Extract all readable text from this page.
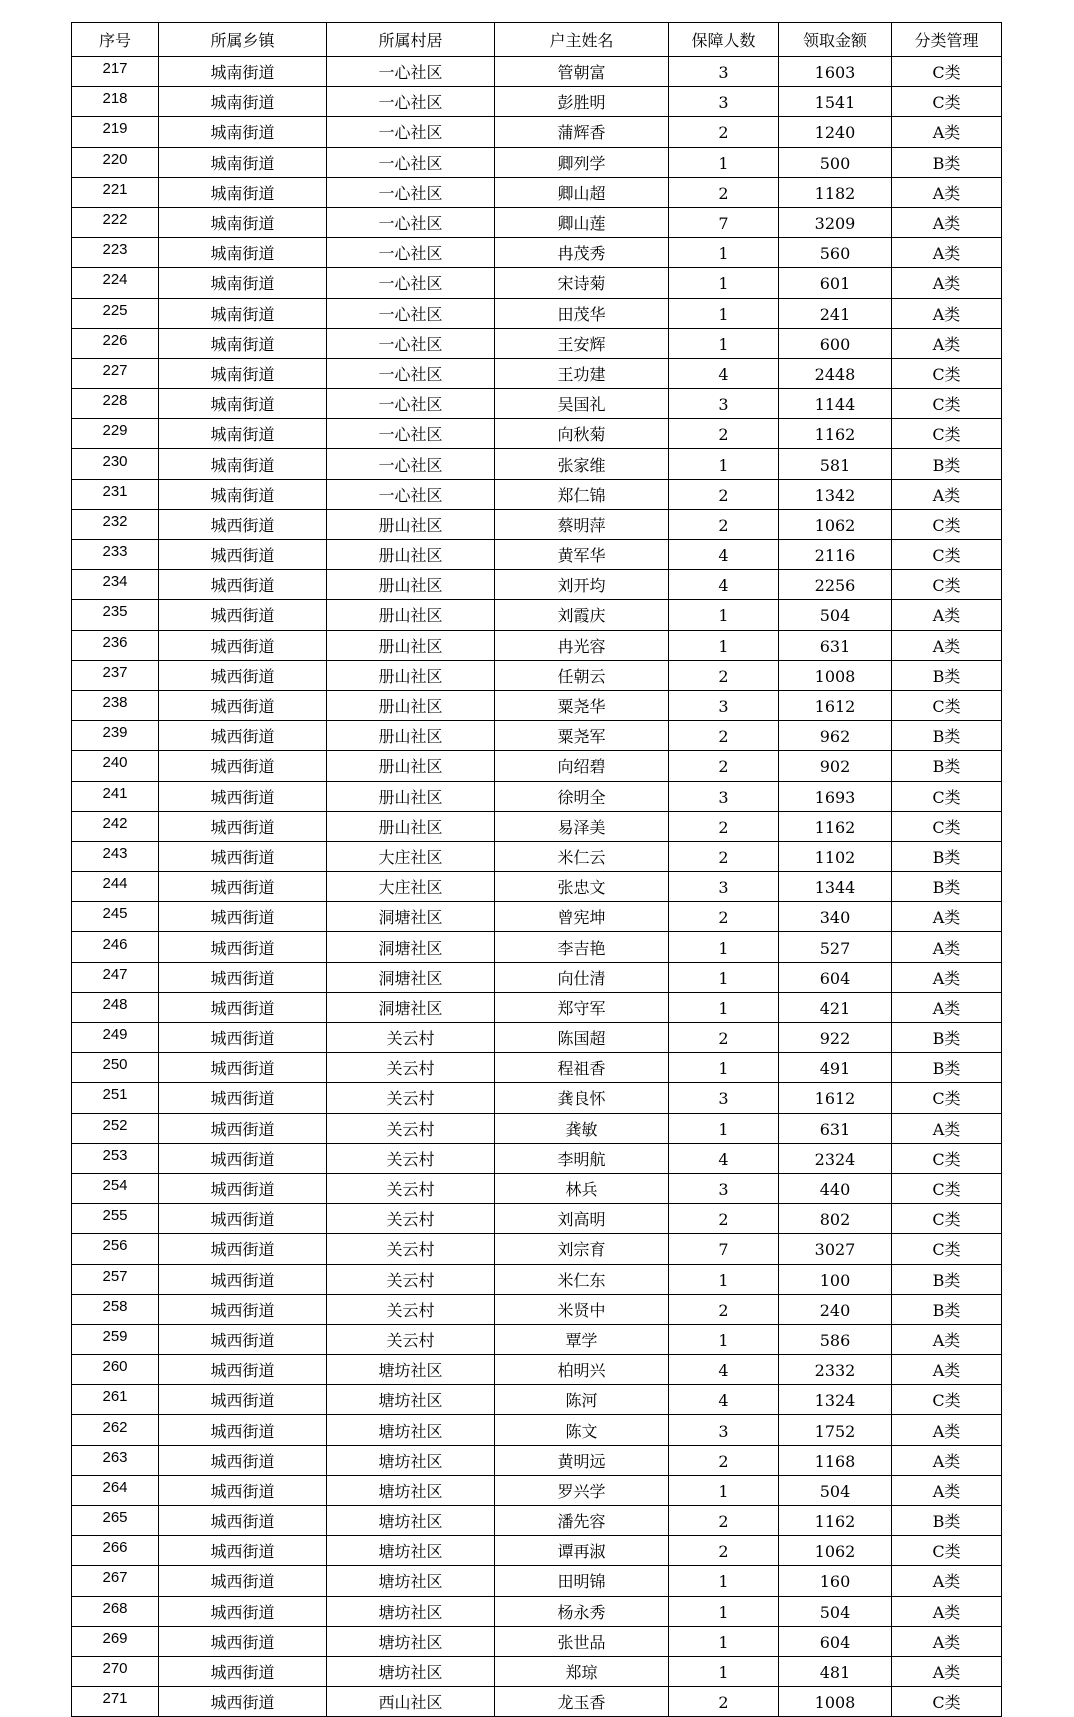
序号	所属乡镇	所属村居	户主姓名	保障人数	领取金额	分类管理
217	城南街道	一心社区	管朝富	3	1603	C类
218	城南街道	一心社区	彭胜明	3	1541	C类
219	城南街道	一心社区	蒲辉香	2	1240	A类
220	城南街道	一心社区	卿列学	1	500	B类
221	城南街道	一心社区	卿山超	2	1182	A类
222	城南街道	一心社区	卿山莲	7	3209	A类
223	城南街道	一心社区	冉茂秀	1	560	A类
224	城南街道	一心社区	宋诗菊	1	601	A类
225	城南街道	一心社区	田茂华	1	241	A类
226	城南街道	一心社区	王安辉	1	600	A类
227	城南街道	一心社区	王功建	4	2448	C类
228	城南街道	一心社区	吴国礼	3	1144	C类
229	城南街道	一心社区	向秋菊	2	1162	C类
230	城南街道	一心社区	张家维	1	581	B类
231	城南街道	一心社区	郑仁锦	2	1342	A类
232	城西街道	册山社区	蔡明萍	2	1062	C类
233	城西街道	册山社区	黄军华	4	2116	C类
234	城西街道	册山社区	刘开均	4	2256	C类
235	城西街道	册山社区	刘霞庆	1	504	A类
236	城西街道	册山社区	冉光容	1	631	A类
237	城西街道	册山社区	任朝云	2	1008	B类
238	城西街道	册山社区	粟尧华	3	1612	C类
239	城西街道	册山社区	粟尧军	2	962	B类
240	城西街道	册山社区	向绍碧	2	902	B类
241	城西街道	册山社区	徐明全	3	1693	C类
242	城西街道	册山社区	易泽美	2	1162	C类
243	城西街道	大庄社区	米仁云	2	1102	B类
244	城西街道	大庄社区	张忠文	3	1344	B类
245	城西街道	洞塘社区	曾宪坤	2	340	A类
246	城西街道	洞塘社区	李吉艳	1	527	A类
247	城西街道	洞塘社区	向仕清	1	604	A类
248	城西街道	洞塘社区	郑守军	1	421	A类
249	城西街道	关云村	陈国超	2	922	B类
250	城西街道	关云村	程祖香	1	491	B类
251	城西街道	关云村	龚良怀	3	1612	C类
252	城西街道	关云村	龚敏	1	631	A类
253	城西街道	关云村	李明航	4	2324	C类
254	城西街道	关云村	林兵	3	440	C类
255	城西街道	关云村	刘高明	2	802	C类
256	城西街道	关云村	刘宗育	7	3027	C类
257	城西街道	关云村	米仁东	1	100	B类
258	城西街道	关云村	米贤中	2	240	B类
259	城西街道	关云村	覃学	1	586	A类
260	城西街道	塘坊社区	柏明兴	4	2332	A类
261	城西街道	塘坊社区	陈河	4	1324	C类
262	城西街道	塘坊社区	陈文	3	1752	A类
263	城西街道	塘坊社区	黄明远	2	1168	A类
264	城西街道	塘坊社区	罗兴学	1	504	A类
265	城西街道	塘坊社区	潘先容	2	1162	B类
266	城西街道	塘坊社区	谭再淑	2	1062	C类
267	城西街道	塘坊社区	田明锦	1	160	A类
268	城西街道	塘坊社区	杨永秀	1	504	A类
269	城西街道	塘坊社区	张世品	1	604	A类
270	城西街道	塘坊社区	郑琼	1	481	A类
271	城西街道	西山社区	龙玉香	2	1008	C类
